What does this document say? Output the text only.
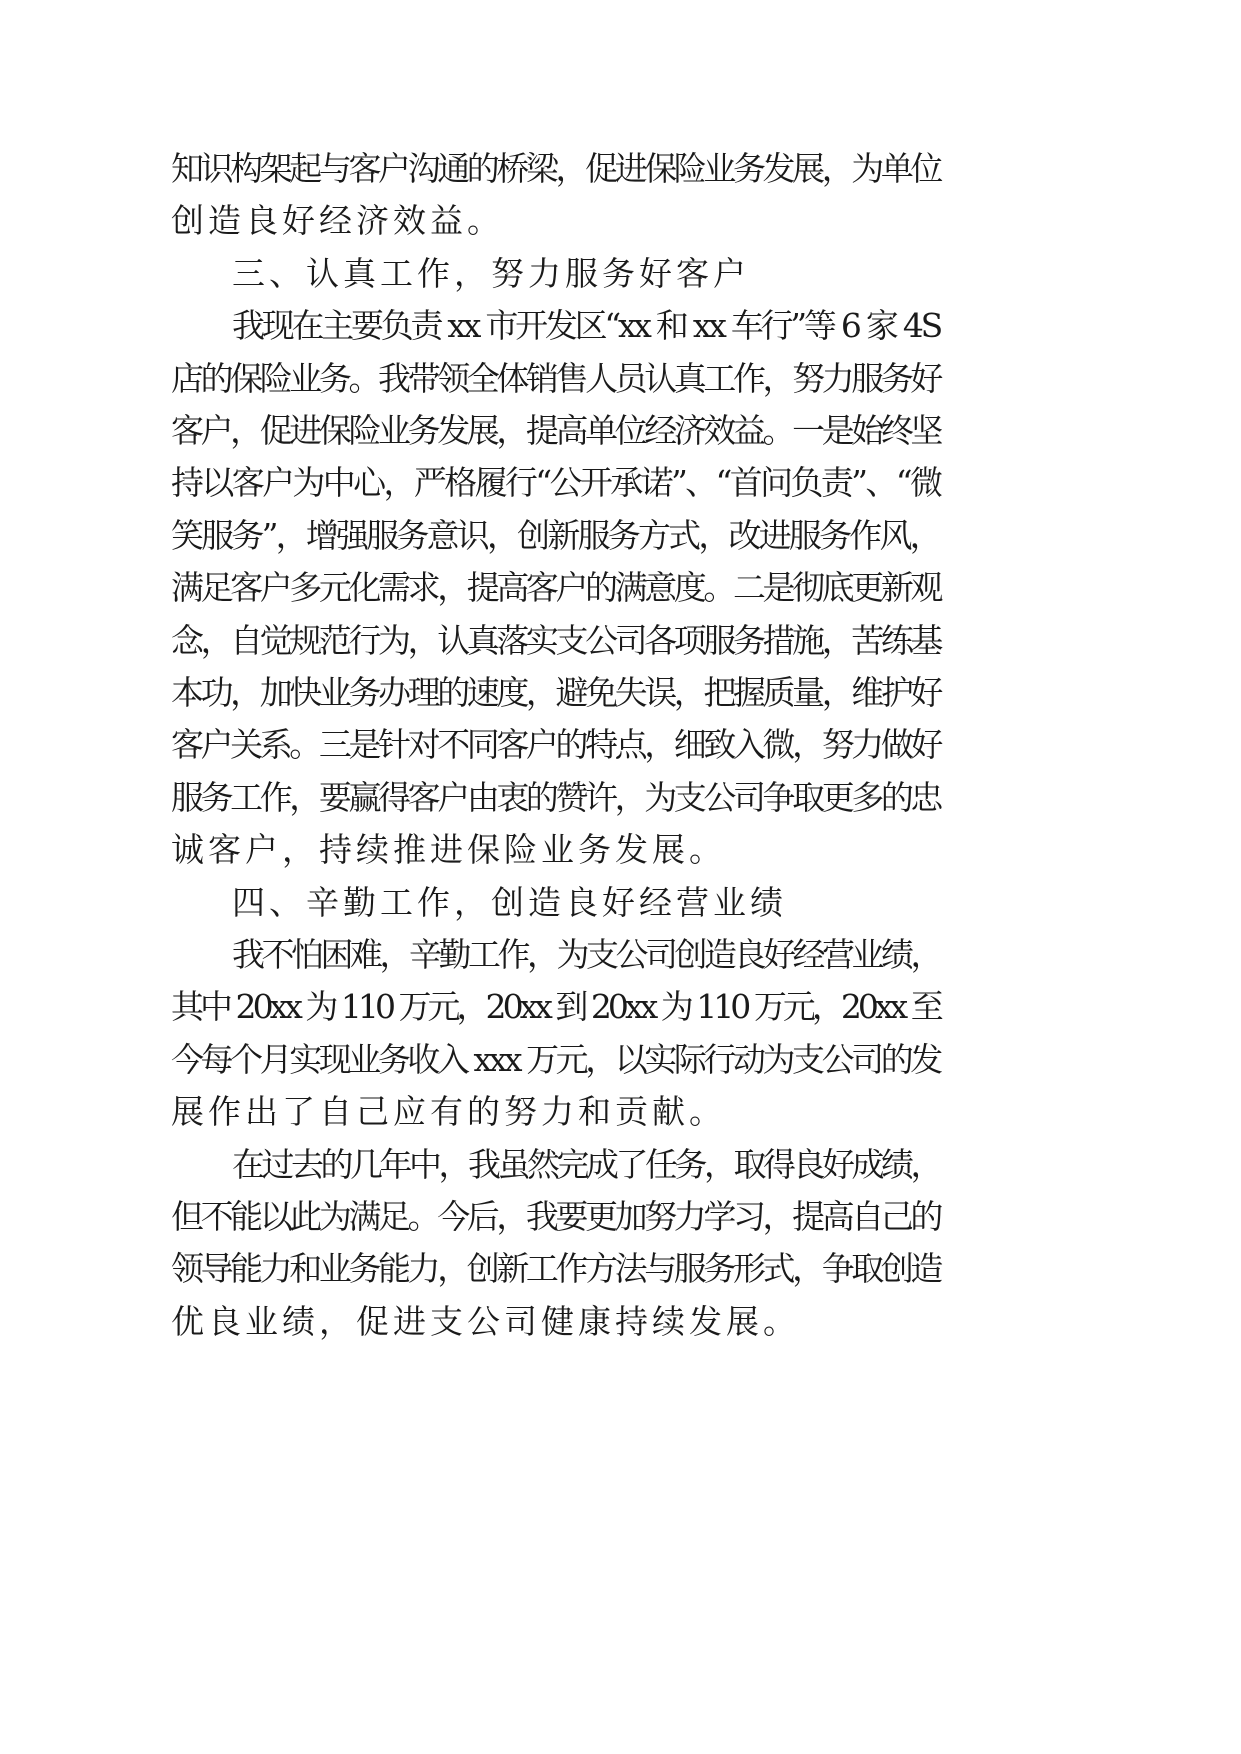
知识构架起与客户沟通的桥梁，促进保险业务发展，为单位
创造良好经济效益。
三、认真工作，努力服务好客户
我现在主要负责 xx 市开发区“xx 和 xx 车行”等 6 家 4S
店的保险业务。我带领全体销售人员认真工作，努力服务好
客户，促进保险业务发展，提高单位经济效益。一是始终坚
持以客户为中心，严格履行“公开承诺”、“首问负责”、“微
笑服务”，增强服务意识，创新服务方式，改进服务作风，
满足客户多元化需求，提高客户的满意度。二是彻底更新观
念，自觉规范行为，认真落实支公司各项服务措施，苦练基
本功，加快业务办理的速度，避免失误，把握质量，维护好
客户关系。三是针对不同客户的特点，细致入微，努力做好
服务工作，要赢得客户由衷的赞许，为支公司争取更多的忠
诚客户，持续推进保险业务发展。
四、辛勤工作，创造良好经营业绩
我不怕困难，辛勤工作，为支公司创造良好经营业绩，
其中 20xx 为 110 万元，20xx 到 20xx 为 110 万元，20xx 至
今每个月实现业务收入 xxx 万元，以实际行动为支公司的发
展作出了自己应有的努力和贡献。
在过去的几年中，我虽然完成了任务，取得良好成绩，
但不能以此为满足。今后，我要更加努力学习，提高自己的
领导能力和业务能力，创新工作方法与服务形式，争取创造
优良业绩，促进支公司健康持续发展。
